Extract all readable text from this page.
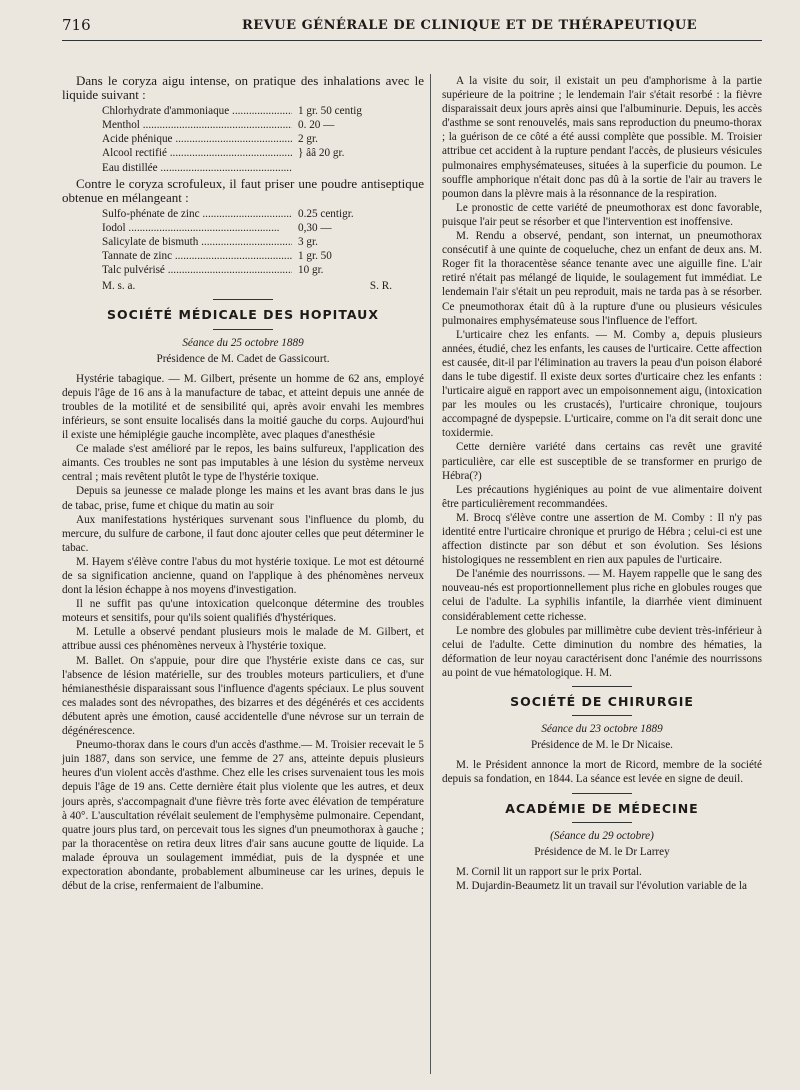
716	REVUE GÉNÉRALE DE CLINIQUE ET DE THÉRAPEUTIQUE

Dans le coryza aigu intense, on pratique des inhalations avec le liquide suivant :

Chlorhydrate d'ammoniaque .....	1 gr. 50 centig
Menthol .....	0. 20 —
Acide phénique .....	2 gr.
Alcool rectifié .....	} ââ 20 gr.
Eau distillée .....

Contre le coryza scrofuleux, il faut priser une poudre antiseptique obtenue en mélangeant :

Sulfo-phénate de zinc .....	0.25 centigr.
Iodol .....	0,30 —
Salicylate de bismuth .....	3 gr.
Tannate de zinc .....	1 gr. 50
Talc pulvérisé .....	10 gr.
M. s. a.	S. R.
SOCIÉTÉ MÉDICALE DES HOPITAUX

Séance du 25 octobre 1889

Présidence de M. Cadet de Gassicourt.

Hystérie tabagique. — M. Gilbert, présente un homme de 62 ans, employé depuis l'âge de 16 ans à la manufacture de tabac, et atteint depuis une année de troubles de la motilité et de sensibilité qui, après avoir envahi les membres inférieurs, se sont ensuite localisés dans la moitié gauche du corps. Aujourd'hui il existe une hémiplégie gauche incomplète, avec plaques d'anesthésie

Ce malade s'est amélioré par le repos, les bains sulfureux, l'application des aimants. Ces troubles ne sont pas imputables à une lésion du système nerveux central ; mais revêtent plutôt le type de l'hystérie toxique.

Depuis sa jeunesse ce malade plonge les mains et les avant bras dans le jus de tabac, prise, fume et chique du matin au soir

Aux manifestations hystériques survenant sous l'influence du plomb, du mercure, du sulfure de carbone, il faut donc ajouter celles que peut déterminer le tabac.

M. Hayem s'élève contre l'abus du mot hystérie toxique. Le mot est détourné de sa signification ancienne, quand on l'applique à des phénomènes nerveux dont la lésion échappe à nos moyens d'investigation.

Il ne suffit pas qu'une intoxication quelconque détermine des troubles moteurs et sensitifs, pour qu'ils soient qualifiés d'hystériques.

M. Letulle a observé pendant plusieurs mois le malade de M. Gilbert, et attribue aussi ces phénomènes nerveux à l'hystérie toxique.

M. Ballet. On s'appuie, pour dire que l'hystérie existe dans ce cas, sur l'absence de lésion matérielle, sur des troubles moteurs particuliers, et d'une hémianesthésie disparaissant sous l'influence d'agents spéciaux. Le plus souvent ces malades sont des névropathes, des bizarres et des dégénérés et ces accidents débutent après une émotion, causé accidentelle d'une névrose sur un terrain de dégénérescence.

Pneumo-thorax dans le cours d'un accès d'asthme.— M. Troisier recevait le 5 juin 1887, dans son service, une femme de 27 ans, atteinte depuis plusieurs heures d'un violent accès d'asthme. Chez elle les crises survenaient tous les mois depuis l'âge de 19 ans. Cette dernière était plus violente que les autres, et deux jours après, s'accompagnait d'une fièvre très forte avec élévation de température à 40°. L'auscultation révélait seulement de l'emphysème pulmonaire. Cependant, quatre jours plus tard, on percevait tous les signes d'un pneumothorax à gauche ; par la thoracentèse on retira deux litres d'air sans aucune goutte de liquide. La malade éprouva un soulagement immédiat, puis de la dyspnée et une expectoration abondante, probablement albumineuse car les urines, depuis le début de la crise, renfermaient de l'albumine.

A la visite du soir, il existait un peu d'amphorisme à la partie supérieure de la poitrine ; le lendemain l'air s'était resorbé : la fièvre disparaissait deux jours après ainsi que l'albuminurie. Depuis, les accès d'asthme se sont renouvelés, mais sans reproduction du pneumo-thorax ; la guérison de ce côté a été aussi complète que possible. M. Troisier attribue cet accident à la rupture pendant l'accès, de plusieurs vésicules pulmonaires emphysémateuses, situées à la superficie du poumon. Le souffle amphorique n'était donc pas dû à la sortie de l'air au travers le poumon dans la plèvre mais à la résonnance de la respiration.

Le pronostic de cette variété de pneumothorax est donc favorable, puisque l'air peut se résorber et que l'intervention est inoffensive.

M. Rendu a observé, pendant, son internat, un pneumothorax consécutif à une quinte de coqueluche, chez un enfant de deux ans. M. Roger fit la thoracentèse séance tenante avec une aiguille fine. L'air retiré n'était pas mélangé de liquide, le soulagement fut immédiat. Le lendemain l'air s'était un peu reproduit, mais ne tarda pas à se résorber. Ce pneumothorax était dû à la rupture d'une ou plusieurs vésicules pulmonaires emphysémateuse sous l'influence de l'effort.

L'urticaire chez les enfants. — M. Comby a, depuis plusieurs années, étudié, chez les enfants, les causes de l'urticaire. Cette affection est causée, dit-il par l'élimination au travers la peau d'un poison élaboré dans le tube digestif. Il existe deux sortes d'urticaire chez les enfants : l'urticaire aiguë en rapport avec un empoisonnement aigu, (intoxication par les moules ou les crustacés), l'urticaire chronique, toujours accompagné de dyspepsie. L'urticaire, comme on l'a dit serait donc une toxidermie.

Cette dernière variété dans certains cas revêt une gravité particulière, car elle est susceptible de se transformer en prurigo de Hébra(?)

Les précautions hygiéniques au point de vue alimentaire doivent être particulièrement recommandées.

M. Brocq s'élève contre une assertion de M. Comby : Il n'y pas identité entre l'urticaire chronique et prurigo de Hébra ; celui-ci est une affection distincte par son début et son évolution. Ses lésions histologiques ne ressemblent en rien aux papules de l'urticaire.

De l'anémie des nourrissons. — M. Hayem rappelle que le sang des nouveau-nés est proportionnellement plus riche en globules rouges que celui de l'adulte. La syphilis infantile, la diarrhée vient diminuent considérablement cette richesse.

Le nombre des globules par millimètre cube devient très-inférieur à celui de l'adulte. Cette diminution du nombre des hématies, la déformation de leur noyau caractérisent donc l'anémie des nourrissons au point de vue hématologique. H. M.

SOCIÉTÉ DE CHIRURGIE

Séance du 23 octobre 1889

Présidence de M. le Dr Nicaise.

M. le Président annonce la mort de Ricord, membre de la société depuis sa fondation, en 1844. La séance est levée en signe de deuil.

ACADÉMIE DE MÉDECINE

(Séance du 29 octobre)

Présidence de M. le Dr Larrey

M. Cornil lit un rapport sur le prix Portal.

M. Dujardin-Beaumetz lit un travail sur l'évolution variable de la
